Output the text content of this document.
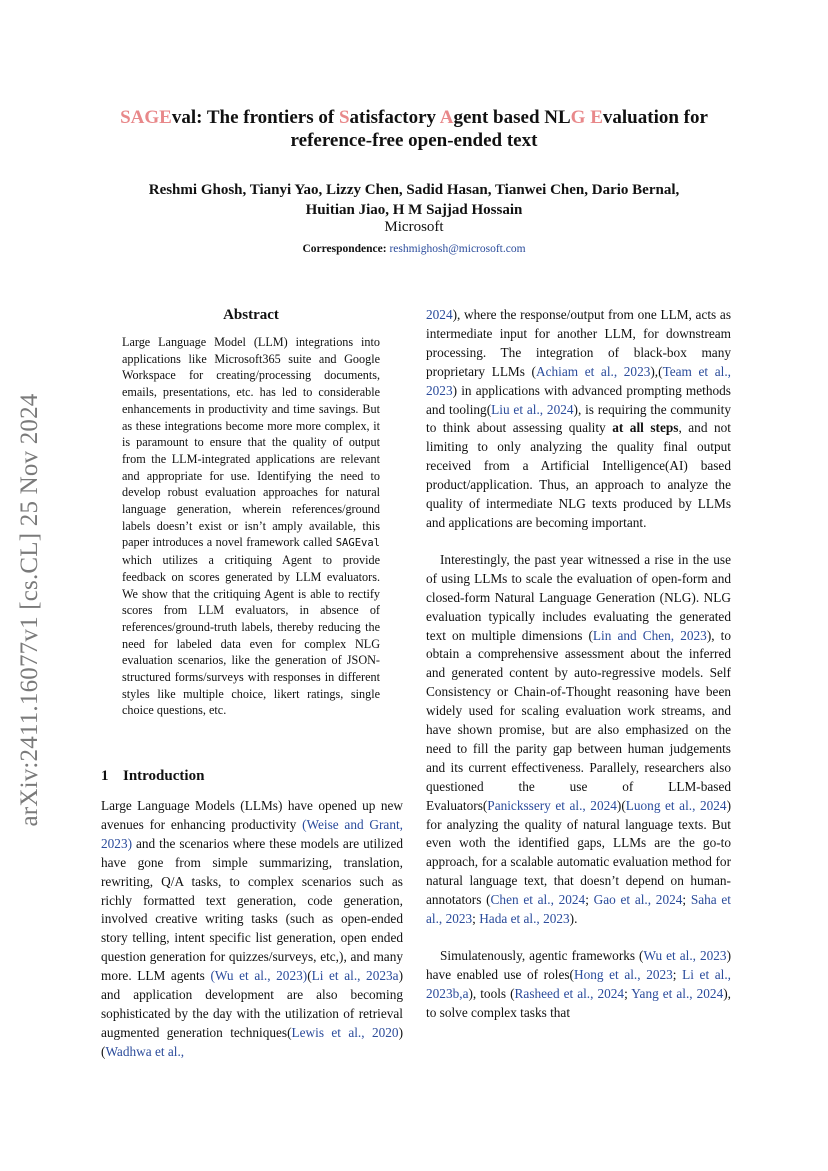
arXiv:2411.16077v1 [cs.CL] 25 Nov 2024
SAGEval: The frontiers of Satisfactory Agent based NLG Evaluation for reference-free open-ended text
Reshmi Ghosh, Tianyi Yao, Lizzy Chen, Sadid Hasan, Tianwei Chen, Dario Bernal,
Huitian Jiao, H M Sajjad Hossain
Microsoft
Correspondence: reshmighosh@microsoft.com
Abstract
Large Language Model (LLM) integrations into applications like Microsoft365 suite and Google Workspace for creating/processing documents, emails, presentations, etc. has led to considerable enhancements in productivity and time savings. But as these integrations become more more complex, it is paramount to ensure that the quality of output from the LLM-integrated applications are relevant and appropriate for use. Identifying the need to develop robust evaluation approaches for natural language generation, wherein references/ground labels doesn’t exist or isn’t amply available, this paper introduces a novel framework called SAGEval which utilizes a critiquing Agent to provide feedback on scores generated by LLM evaluators. We show that the critiquing Agent is able to rectify scores from LLM evaluators, in absence of references/ground-truth labels, thereby reducing the need for labeled data even for complex NLG evaluation scenarios, like the generation of JSON-structured forms/surveys with responses in different styles like multiple choice, likert ratings, single choice questions, etc.
1 Introduction

Large Language Models (LLMs) have opened up new avenues for enhancing productivity (Weise and Grant, 2023) and the scenarios where these models are utilized have gone from simple summarizing, translation, rewriting, Q/A tasks, to complex scenarios such as richly formatted text generation, code generation, involved creative writing tasks (such as open-ended story telling, intent specific list generation, open ended question generation for quizzes/surveys, etc,), and many more. LLM agents (Wu et al., 2023)(Li et al., 2023a) and application development are also becoming sophisticated by the day with the utilization of retrieval augmented generation techniques(Lewis et al., 2020)(Wadhwa et al.,

2024), where the response/output from one LLM, acts as intermediate input for another LLM, for downstream processing. The integration of black-box many proprietary LLMs (Achiam et al., 2023),(Team et al., 2023) in applications with advanced prompting methods and tooling(Liu et al., 2024), is requiring the community to think about assessing quality at all steps, and not limiting to only analyzing the quality final output received from a Artificial Intelligence(AI) based product/application. Thus, an approach to analyze the quality of intermediate NLG texts produced by LLMs and applications are becoming important.

Interestingly, the past year witnessed a rise in the use of using LLMs to scale the evaluation of open-form and closed-form Natural Language Generation (NLG). NLG evaluation typically includes evaluating the generated text on multiple dimensions (Lin and Chen, 2023), to obtain a comprehensive assessment about the inferred and generated content by auto-regressive models. Self Consistency or Chain-of-Thought reasoning have been widely used for scaling evaluation work streams, and have shown promise, but are also emphasized on the need to fill the parity gap between human judgements and its current effectiveness. Parallely, researchers also questioned the use of LLM-based Evaluators(Panickssery et al., 2024)(Luong et al., 2024) for analyzing the quality of natural language texts. But even woth the identified gaps, LLMs are the go-to approach, for a scalable automatic evaluation method for natural language text, that doesn’t depend on human-annotators (Chen et al., 2024; Gao et al., 2024; Saha et al., 2023; Hada et al., 2023).

Simulatenously, agentic frameworks (Wu et al., 2023) have enabled use of roles(Hong et al., 2023; Li et al., 2023b,a), tools (Rasheed et al., 2024; Yang et al., 2024), to solve complex tasks that
